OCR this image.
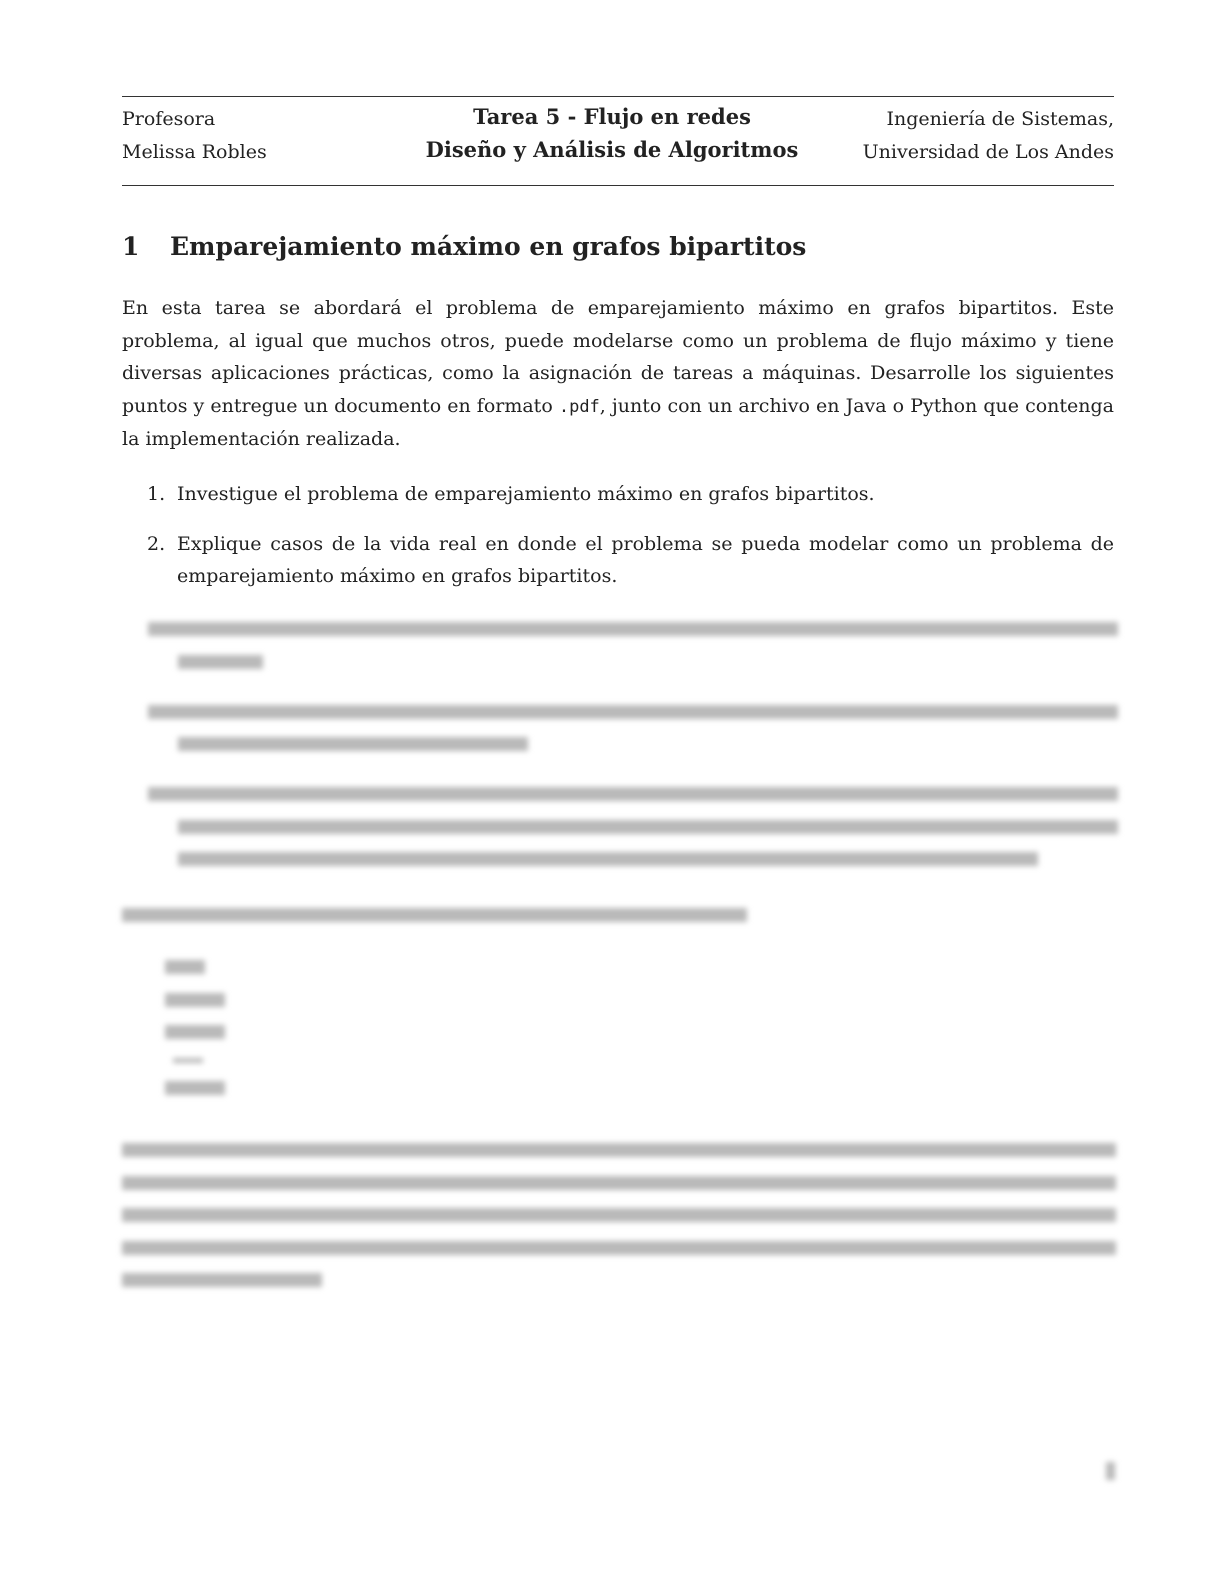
Profesora
Melissa Robles
Tarea 5 - Flujo en redes
Diseño y Análisis de Algoritmos
Ingeniería de Sistemas,
Universidad de Los Andes
1 Emparejamiento máximo en grafos bipartitos
En esta tarea se abordará el problema de emparejamiento máximo en grafos bipartitos. Este problema, al igual que muchos otros, puede modelarse como un problema de flujo máximo y tiene diversas aplicaciones prácticas, como la asignación de tareas a máquinas. Desarrolle los siguientes puntos y entregue un documento en formato .pdf, junto con un archivo en Java o Python que contenga la implementación realizada.
1. Investigue el problema de emparejamiento máximo en grafos bipartitos.
2. Explique casos de la vida real en donde el problema se pueda modelar como un problema de emparejamiento máximo en grafos bipartitos.
